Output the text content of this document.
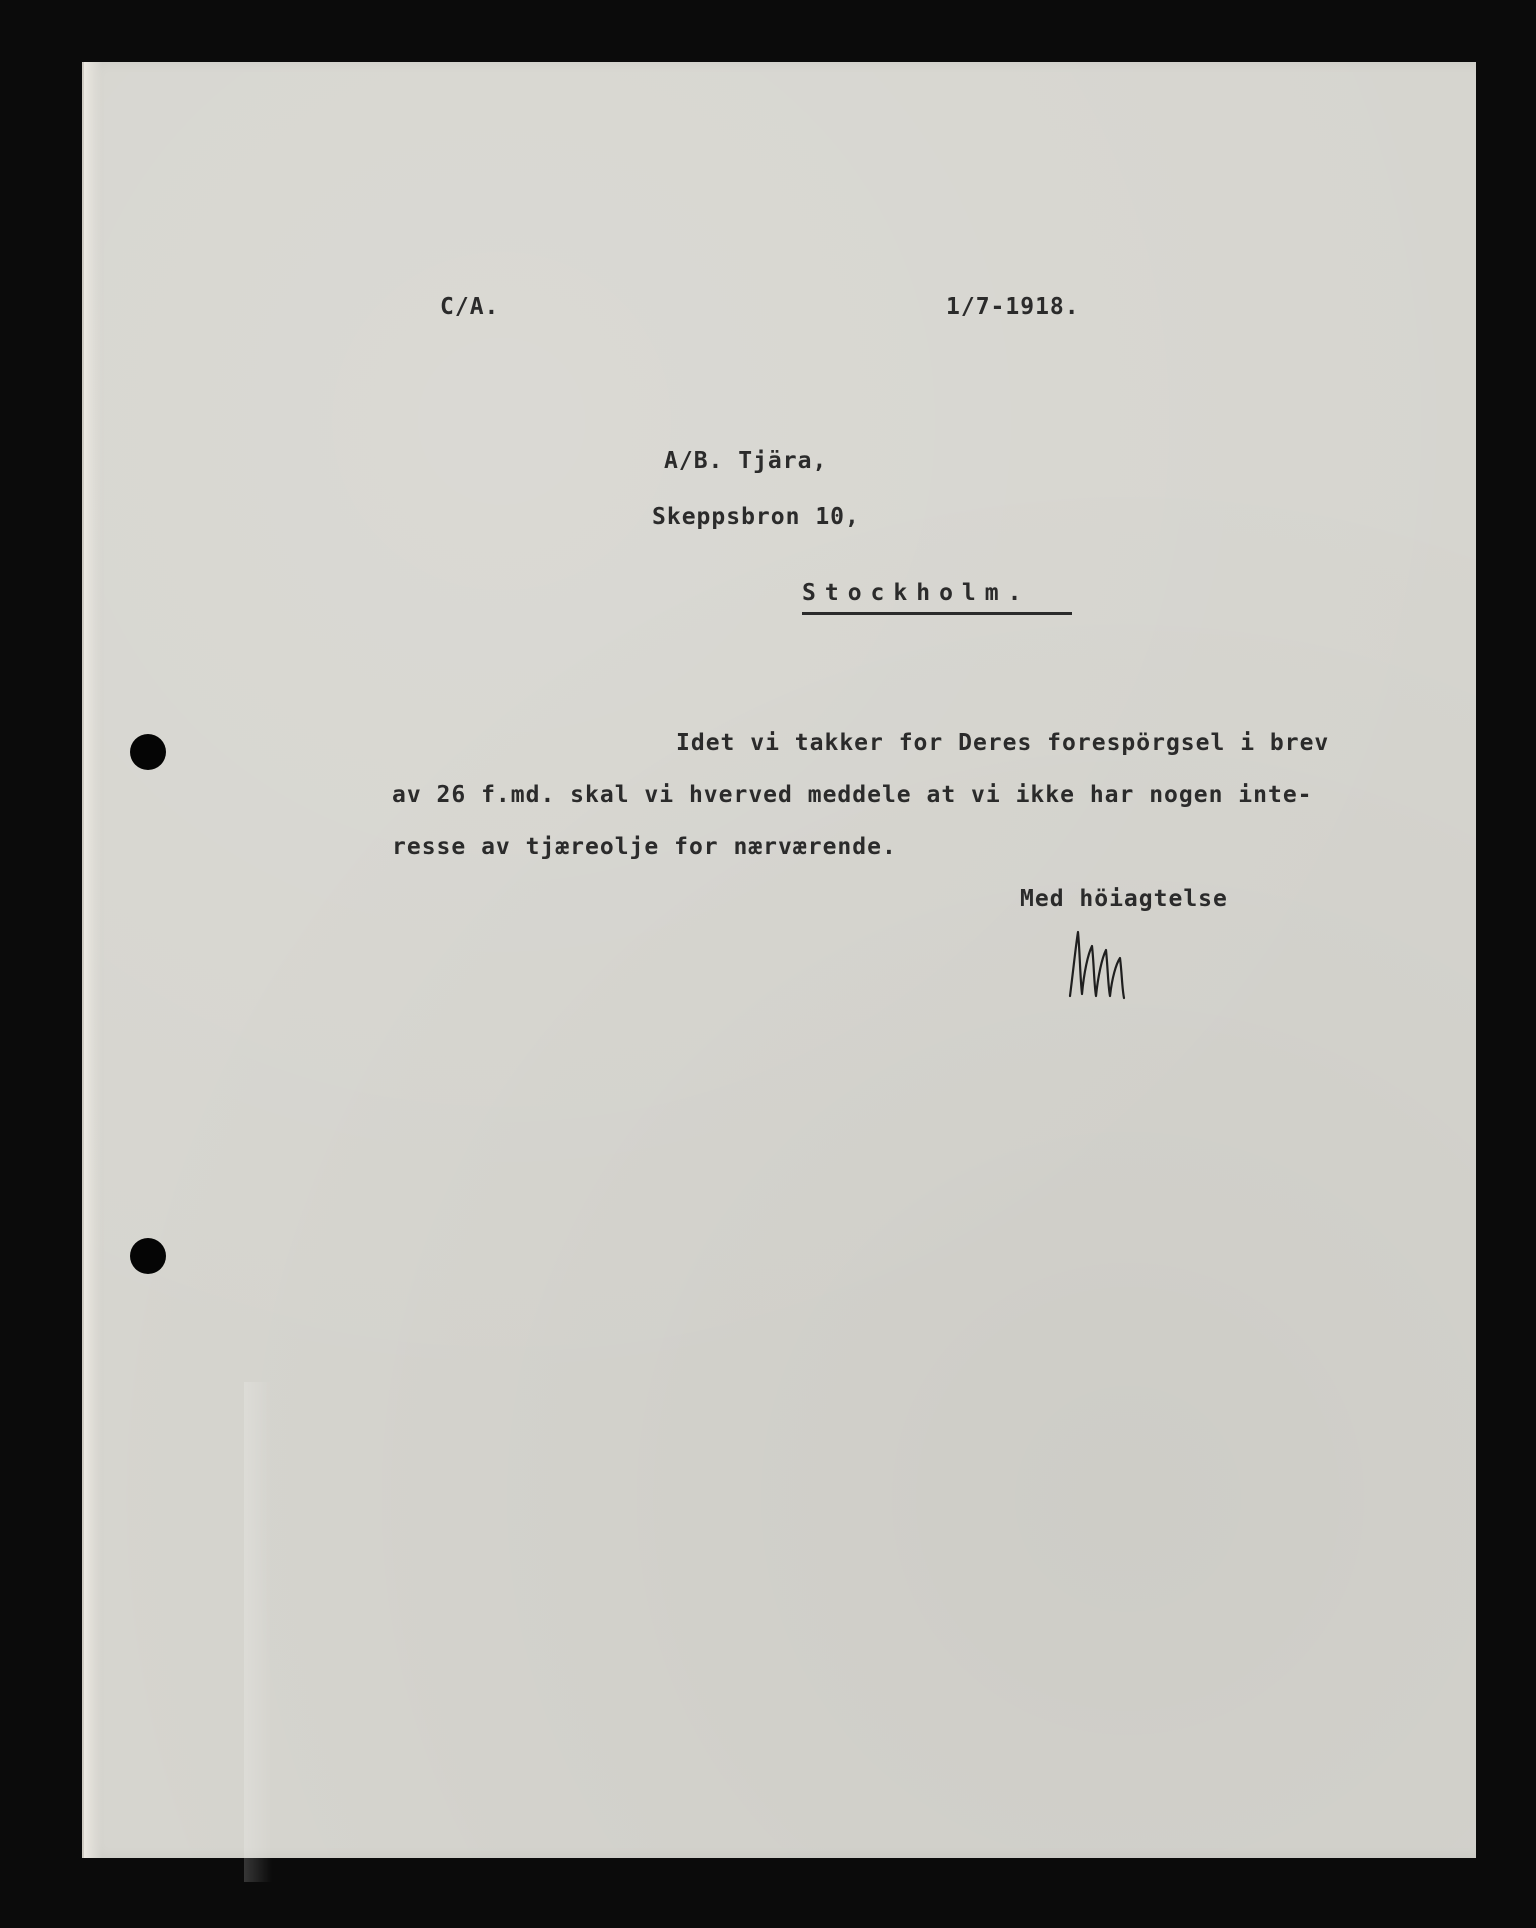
C/A.	1/7-1918.
A/B. Tjära,
Skeppsbron 10,
Stockholm.
Idet vi takker for Deres forespörgsel i brev
av 26 f.md. skal vi hverved meddele at vi ikke har nogen inte-
resse av tjæreolje for nærværende.
Med höiagtelse
